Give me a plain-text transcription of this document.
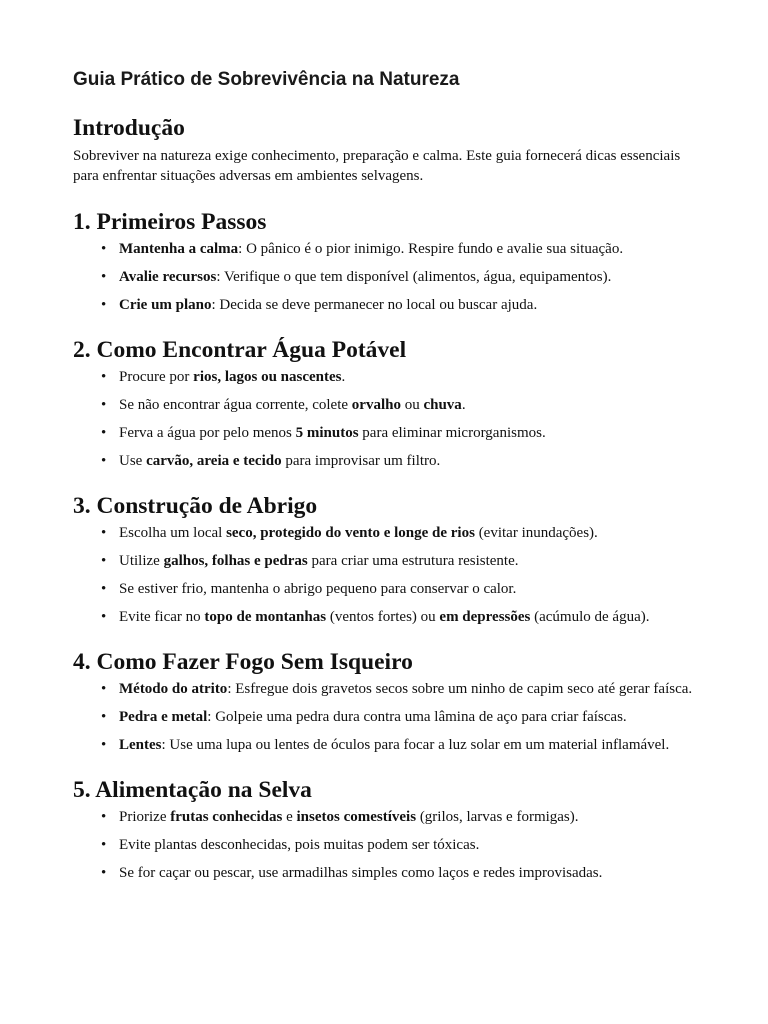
Guia Prático de Sobrevivência na Natureza
Introdução

Sobreviver na natureza exige conhecimento, preparação e calma. Este guia fornecerá dicas essenciais para enfrentar situações adversas em ambientes selvagens.

1. Primeiros Passos
• Mantenha a calma: O pânico é o pior inimigo. Respire fundo e avalie sua situação.
• Avalie recursos: Verifique o que tem disponível (alimentos, água, equipamentos).
• Crie um plano: Decida se deve permanecer no local ou buscar ajuda.
2. Como Encontrar Água Potável
• Procure por rios, lagos ou nascentes.
• Se não encontrar água corrente, colete orvalho ou chuva.
• Ferva a água por pelo menos 5 minutos para eliminar microrganismos.
• Use carvão, areia e tecido para improvisar um filtro.
3. Construção de Abrigo
• Escolha um local seco, protegido do vento e longe de rios (evitar inundações).
• Utilize galhos, folhas e pedras para criar uma estrutura resistente.
• Se estiver frio, mantenha o abrigo pequeno para conservar o calor.
• Evite ficar no topo de montanhas (ventos fortes) ou em depressões (acúmulo de água).
4. Como Fazer Fogo Sem Isqueiro
• Método do atrito: Esfregue dois gravetos secos sobre um ninho de capim seco até gerar faísca.
• Pedra e metal: Golpeie uma pedra dura contra uma lâmina de aço para criar faíscas.
• Lentes: Use uma lupa ou lentes de óculos para focar a luz solar em um material inflamável.
5. Alimentação na Selva
• Priorize frutas conhecidas e insetos comestíveis (grilos, larvas e formigas).
• Evite plantas desconhecidas, pois muitas podem ser tóxicas.
• Se for caçar ou pescar, use armadilhas simples como laços e redes improvisadas.
